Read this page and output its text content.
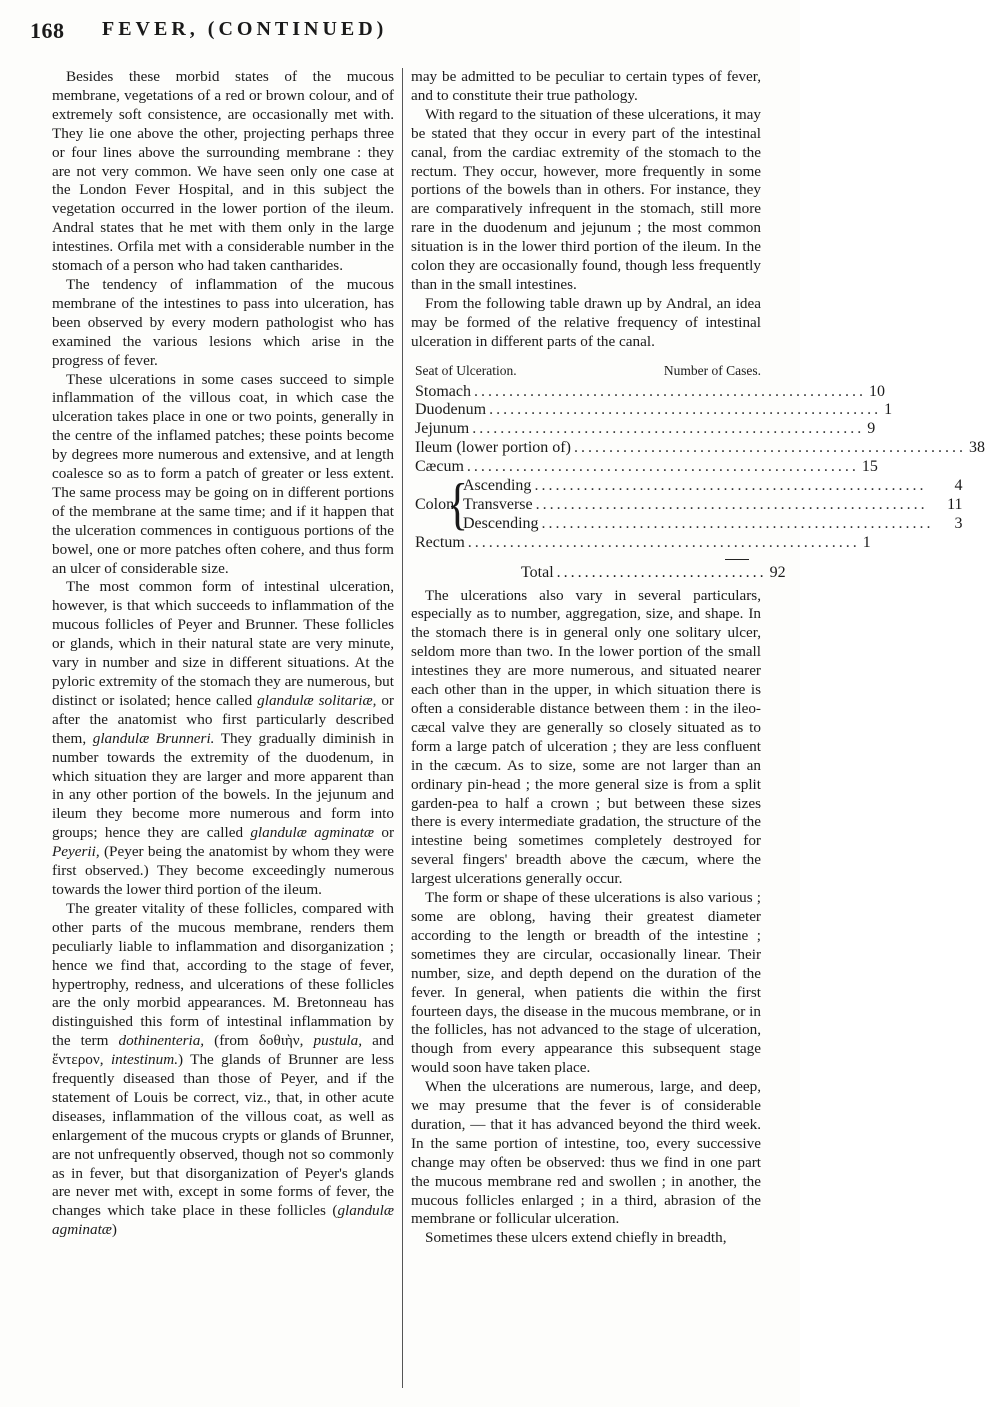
168 FEVER, (CONTINUED)

Besides these morbid states of the mucous membrane, vegetations of a red or brown colour, and of extremely soft consistence, are occasionally met with. They lie one above the other, projecting perhaps three or four lines above the surrounding membrane : they are not very common. We have seen only one case at the London Fever Hospital, and in this subject the vegetation occurred in the lower portion of the ileum. Andral states that he met with them only in the large intestines. Orfila met with a considerable number in the stomach of a person who had taken cantharides.

The tendency of inflammation of the mucous membrane of the intestines to pass into ulceration, has been observed by every modern pathologist who has examined the various lesions which arise in the progress of fever.

These ulcerations in some cases succeed to simple inflammation of the villous coat, in which case the ulceration takes place in one or two points, generally in the centre of the inflamed patches; these points become by degrees more numerous and extensive, and at length coalesce so as to form a patch of greater or less extent. The same process may be going on in different portions of the membrane at the same time; and if it happen that the ulceration commences in contiguous portions of the bowel, one or more patches often cohere, and thus form an ulcer of considerable size.

The most common form of intestinal ulceration, however, is that which succeeds to inflammation of the mucous follicles of Peyer and Brunner. These follicles or glands, which in their natural state are very minute, vary in number and size in different situations. At the pyloric extremity of the stomach they are numerous, but distinct or isolated; hence called glandulæ solitariæ, or after the anatomist who first particularly described them, glandulæ Brunneri. They gradually diminish in number towards the extremity of the duodenum, in which situation they are larger and more apparent than in any other portion of the bowels. In the jejunum and ileum they become more numerous and form into groups; hence they are called glandulæ agminatæ or Peyerii, (Peyer being the anatomist by whom they were first observed.) They become exceedingly numerous towards the lower third portion of the ileum.

The greater vitality of these follicles, compared with other parts of the mucous membrane, renders them peculiarly liable to inflammation and disorganization ; hence we find that, according to the stage of fever, hypertrophy, redness, and ulcerations of these follicles are the only morbid appearances. M. Bretonneau has distinguished this form of intestinal inflammation by the term dothinenteria, (from δοθιὴν, pustula, and ἔντερον, intestinum.) The glands of Brunner are less frequently diseased than those of Peyer, and if the statement of Louis be correct, viz., that, in other acute diseases, inflammation of the villous coat, as well as enlargement of the mucous crypts or glands of Brunner, are not unfrequently observed, though not so commonly as in fever, but that disorganization of Peyer's glands are never met with, except in some forms of fever, the changes which take place in these follicles (glandulæ agminatæ)

may be admitted to be peculiar to certain types of fever, and to constitute their true pathology.

With regard to the situation of these ulcerations, it may be stated that they occur in every part of the intestinal canal, from the cardiac extremity of the stomach to the rectum. They occur, however, more frequently in some portions of the bowels than in others. For instance, they are comparatively infrequent in the stomach, still more rare in the duodenum and jejunum ; the most common situation is in the lower third portion of the ileum. In the colon they are occasionally found, though less frequently than in the small intestines.

From the following table drawn up by Andral, an idea may be formed of the relative frequency of intestinal ulceration in different parts of the canal.

Seat of Ulceration.	Number of Cases.
Stomach ........................................................ 10
Duodenum ........................................................ 1
Jejunum ........................................................ 9
Ileum (lower portion of) ........................................................ 38
Cæcum ........................................................ 15
Colon
{
Ascending ........................................................	4
Transverse ........................................................	11
Descending ........................................................	3
Rectum ........................................................ 1
Total .............................. 92

The ulcerations also vary in several particulars, especially as to number, aggregation, size, and shape. In the stomach there is in general only one solitary ulcer, seldom more than two. In the lower portion of the small intestines they are more numerous, and situated nearer each other than in the upper, in which situation there is often a considerable distance between them : in the ileo-cæcal valve they are generally so closely situated as to form a large patch of ulceration ; they are less confluent in the cæcum. As to size, some are not larger than an ordinary pin-head ; the more general size is from a split garden-pea to half a crown ; but between these sizes there is every intermediate gradation, the structure of the intestine being sometimes completely destroyed for several fingers' breadth above the cæcum, where the largest ulcerations generally occur.

The form or shape of these ulcerations is also various ; some are oblong, having their greatest diameter according to the length or breadth of the intestine ; sometimes they are circular, occasionally linear. Their number, size, and depth depend on the duration of the fever. In general, when patients die within the first fourteen days, the disease in the mucous membrane, or in the follicles, has not advanced to the stage of ulceration, though from every appearance this subsequent stage would soon have taken place.

When the ulcerations are numerous, large, and deep, we may presume that the fever is of considerable duration, — that it has advanced beyond the third week. In the same portion of intestine, too, every successive change may often be observed: thus we find in one part the mucous membrane red and swollen ; in another, the mucous follicles enlarged ; in a third, abrasion of the membrane or follicular ulceration.

Sometimes these ulcers extend chiefly in breadth,
